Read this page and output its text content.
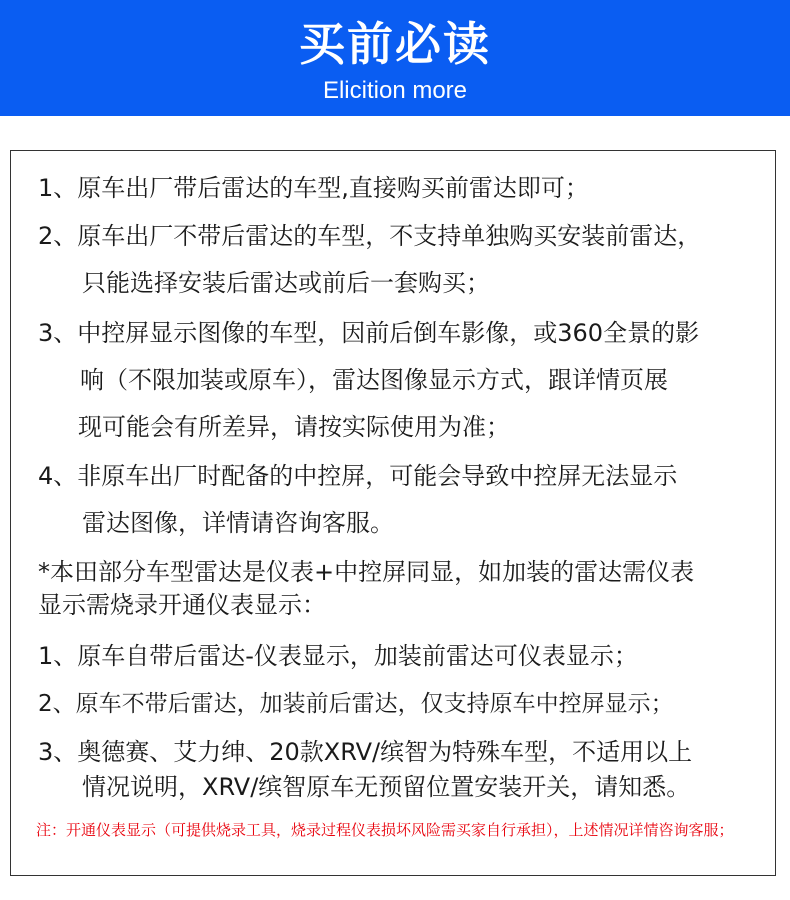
买前必读
Elicition more
1、原车出厂带后雷达的车型,直接购买前雷达即可；
2、原车出厂不带后雷达的车型，不支持单独购买安装前雷达，
只能选择安装后雷达或前后一套购买；
3、中控屏显示图像的车型，因前后倒车影像，或360全景的影
响（不限加装或原车），雷达图像显示方式，跟详情页展
现可能会有所差异，请按实际使用为准；
4、非原车出厂时配备的中控屏，可能会导致中控屏无法显示
雷达图像，详情请咨询客服。
*本田部分车型雷达是仪表+中控屏同显，如加装的雷达需仪表
显示需烧录开通仪表显示：
1、原车自带后雷达-仪表显示，加装前雷达可仪表显示；
2、原车不带后雷达，加装前后雷达，仅支持原车中控屏显示；
3、奥德赛、艾力绅、20款XRV/缤智为特殊车型，不适用以上
情况说明，XRV/缤智原车无预留位置安装开关，请知悉。
注：开通仪表显示（可提供烧录工具，烧录过程仪表损坏风险需买家自行承担），上述情况详情咨询客服；
